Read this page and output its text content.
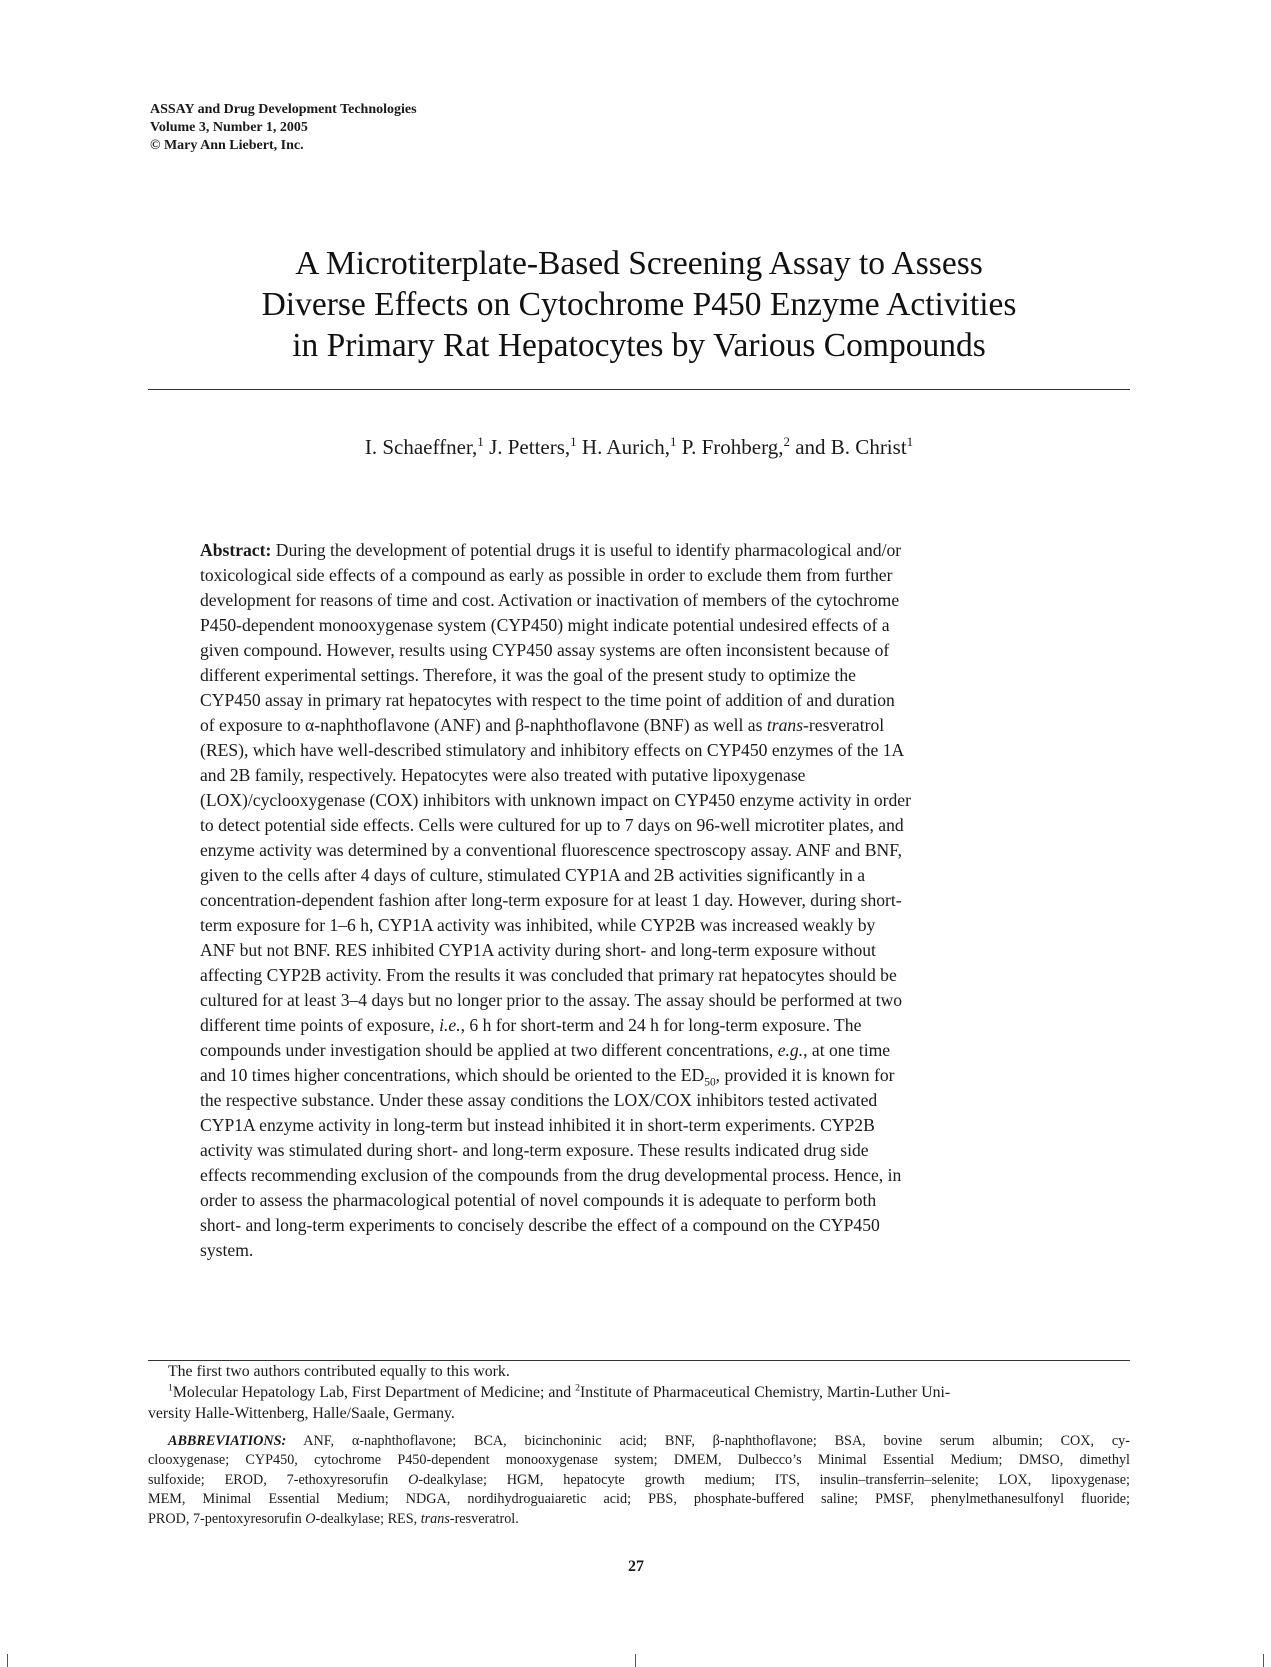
ASSAY and Drug Development Technologies
Volume 3, Number 1, 2005
© Mary Ann Liebert, Inc.
A Microtiterplate-Based Screening Assay to Assess
Diverse Effects on Cytochrome P450 Enzyme Activities
in Primary Rat Hepatocytes by Various Compounds
I. Schaeffner,$^1$ J. Petters,$^1$ H. Aurich,$^1$ P. Frohberg,$^2$ and B. Christ$^1$
Abstract: During the development of potential drugs it is useful to identify pharmacological and/or
toxicological side effects of a compound as early as possible in order to exclude them from further
development for reasons of time and cost. Activation or inactivation of members of the cytochrome
P450-dependent monooxygenase system (CYP450) might indicate potential undesired effects of a
given compound. However, results using CYP450 assay systems are often inconsistent because of
different experimental settings. Therefore, it was the goal of the present study to optimize the
CYP450 assay in primary rat hepatocytes with respect to the time point of addition of and duration
of exposure to α-naphthoflavone (ANF) and β-naphthoflavone (BNF) as well as trans-resveratrol
(RES), which have well-described stimulatory and inhibitory effects on CYP450 enzymes of the 1A
and 2B family, respectively. Hepatocytes were also treated with putative lipoxygenase
(LOX)/cyclooxygenase (COX) inhibitors with unknown impact on CYP450 enzyme activity in order
to detect potential side effects. Cells were cultured for up to 7 days on 96-well microtiter plates, and
enzyme activity was determined by a conventional fluorescence spectroscopy assay. ANF and BNF,
given to the cells after 4 days of culture, stimulated CYP1A and 2B activities significantly in a
concentration-dependent fashion after long-term exposure for at least 1 day. However, during short-
term exposure for 1–6 h, CYP1A activity was inhibited, while CYP2B was increased weakly by
ANF but not BNF. RES inhibited CYP1A activity during short- and long-term exposure without
affecting CYP2B activity. From the results it was concluded that primary rat hepatocytes should be
cultured for at least 3–4 days but no longer prior to the assay. The assay should be performed at two
different time points of exposure, i.e., 6 h for short-term and 24 h for long-term exposure. The
compounds under investigation should be applied at two different concentrations, e.g., at one time
and 10 times higher concentrations, which should be oriented to the $ED_{50}$, provided it is known for
the respective substance. Under these assay conditions the LOX/COX inhibitors tested activated
CYP1A enzyme activity in long-term but instead inhibited it in short-term experiments. CYP2B
activity was stimulated during short- and long-term exposure. These results indicated drug side
effects recommending exclusion of the compounds from the drug developmental process. Hence, in
order to assess the pharmacological potential of novel compounds it is adequate to perform both
short- and long-term experiments to concisely describe the effect of a compound on the CYP450
system.
The first two authors contributed equally to this work.
$^1$Molecular Hepatology Lab, First Department of Medicine; and $^2$Institute of Pharmaceutical Chemistry, Martin-Luther Uni-
versity Halle-Wittenberg, Halle/Saale, Germany.
ABBREVIATIONS: ANF, α-naphthoflavone; BCA, bicinchoninic acid; BNF, β-naphthoflavone; BSA, bovine serum albumin; COX, cy-
clooxygenase; CYP450, cytochrome P450-dependent monooxygenase system; DMEM, Dulbecco’s Minimal Essential Medium; DMSO, dimethyl
sulfoxide; EROD, 7-ethoxyresorufin O-dealkylase; HGM, hepatocyte growth medium; ITS, insulin–transferrin–selenite; LOX, lipoxygenase;
MEM, Minimal Essential Medium; NDGA, nordihydroguaiaretic acid; PBS, phosphate-buffered saline; PMSF, phenylmethanesulfonyl fluoride;
PROD, 7-pentoxyresorufin O-dealkylase; RES, trans-resveratrol.
27
